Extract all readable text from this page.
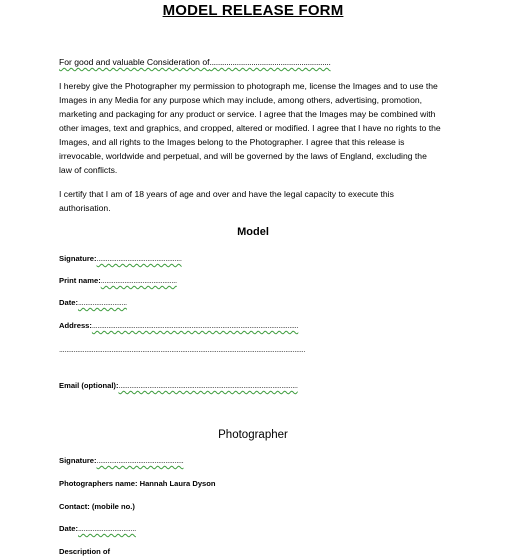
MODEL RELEASE FORM

For good and valuable Consideration of..........................................................

I hereby give the Photographer my permission to photograph me, license the Images and to use the

Images in any Media for any purpose which may include, among others, advertising, promotion,

marketing and packaging for any product or service. I agree that the Images may be combined with

other images, text and graphics, and cropped, altered or modified. I agree that I have no rights to the

Images, and all rights to the Images belong to the Photographer. I agree that this release is

irrevocable, worldwide and perpetual, and will be governed by the laws of England, excluding the

law of conflicts.

I certify that I am of 18 years of age and over and have the legal capacity to execute this

authorisation.

Model
Signature:...............................................
Print name:..........................................
Date:...........................
Address:..................................................................................................................
........................................................................................................................................
Email (optional):...................................................................................................
Photographer
Signature:................................................
Photographers name: Hannah Laura Dyson
Contact: (mobile no.)
Date:................................
Description of
